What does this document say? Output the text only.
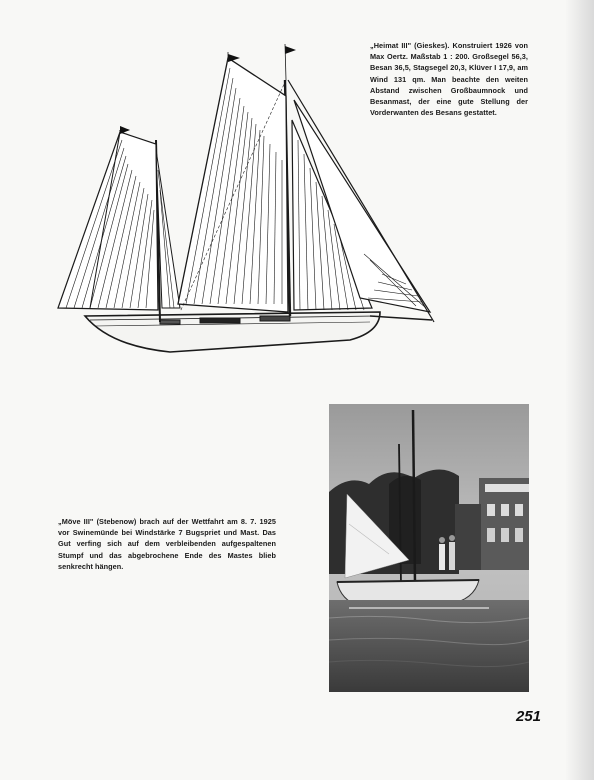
„Heimat III" (Gieskes). Konstruiert 1926 von Max Oertz. Maßstab 1 : 200. Großsegel 56,3, Besan 36,5, Stagsegel 20,3, Klüver I 17,9, am Wind 131 qm. Man beachte den weiten Abstand zwischen Großbaumnock und Besanmast, der eine gute Stellung der Vorderwanten des Besans gestattet.
„Möve III" (Stebenow) brach auf der Wettfahrt am 8. 7. 1925 vor Swinemünde bei Windstärke 7 Bugspriet und Mast. Das Gut verfing sich auf dem verbleibenden aufgespaltenen Stumpf und das abgebrochene Ende des Mastes blieb senkrecht hängen.
251
